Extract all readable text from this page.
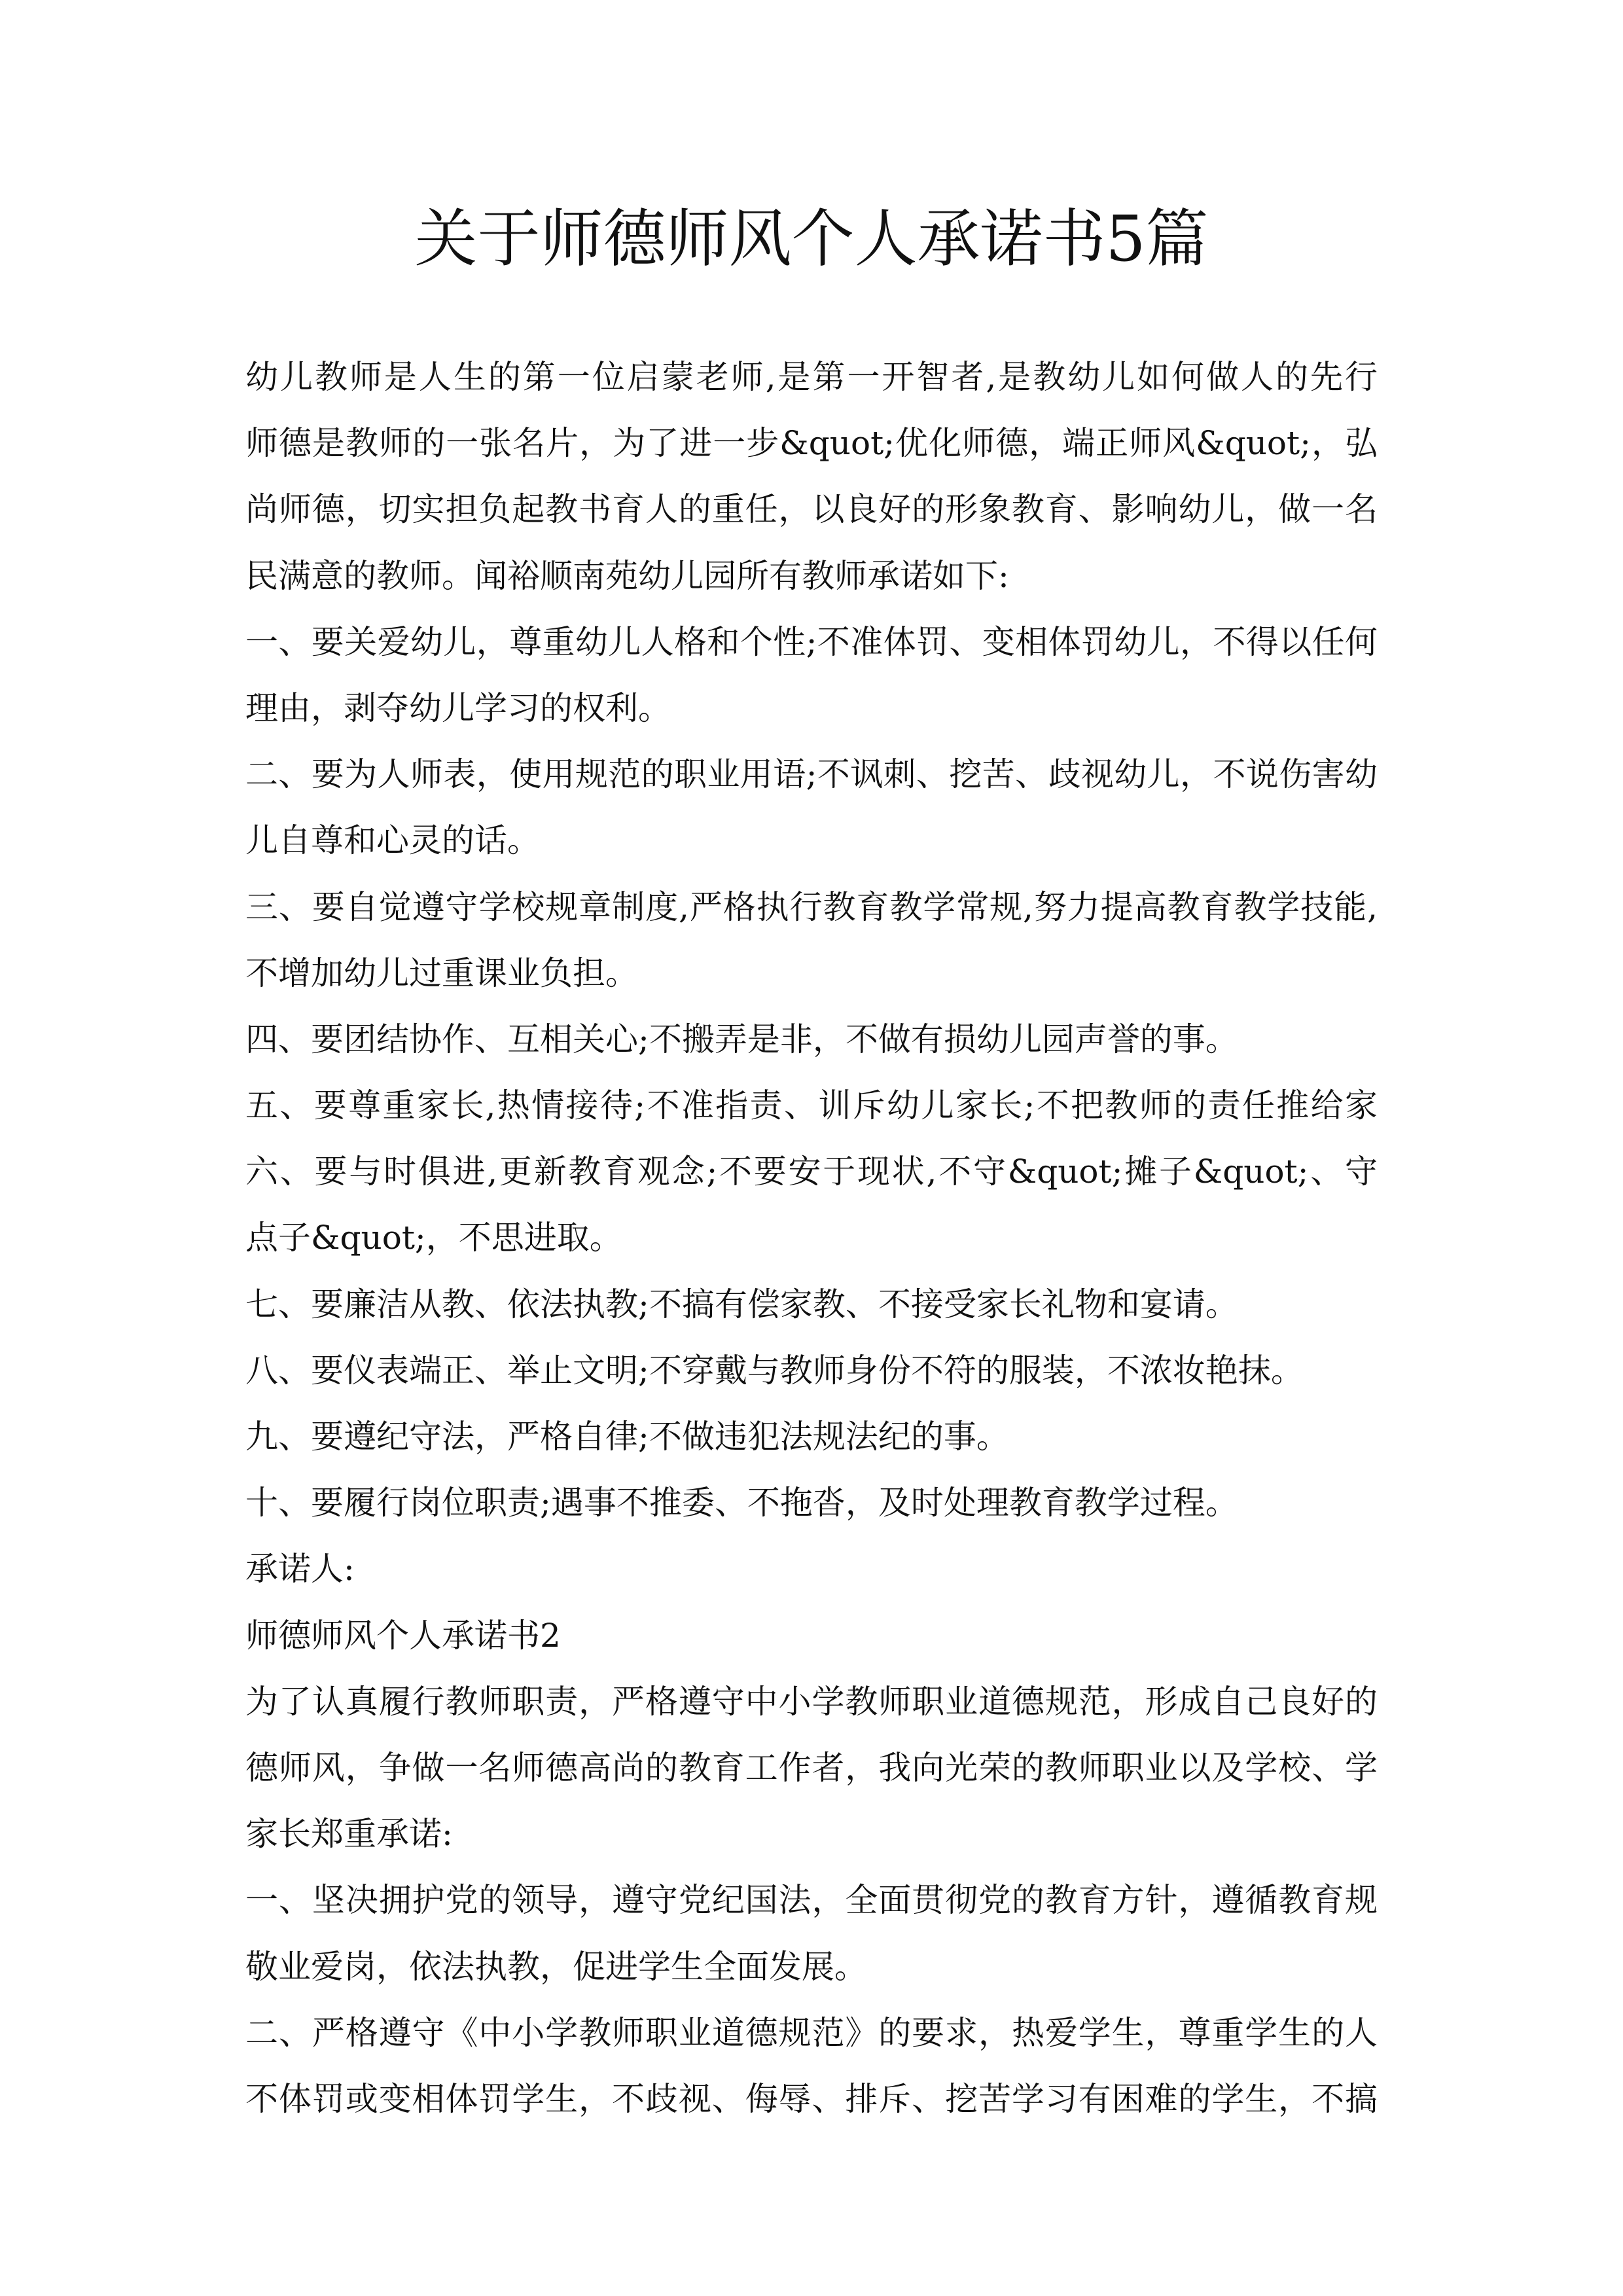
关于师德师风个人承诺书5篇
幼儿教师是人生的第一位启蒙老师,是第一开智者,是教幼儿如何做人的先行
师德是教师的一张名片，为了进一步&quot;优化师德，端正师风&quot;，弘
尚师德，切实担负起教书育人的重任，以良好的形象教育、影响幼儿，做一名
民满意的教师。闻裕顺南苑幼儿园所有教师承诺如下:
一、要关爱幼儿，尊重幼儿人格和个性;不准体罚、变相体罚幼儿，不得以任何
理由，剥夺幼儿学习的权利。
二、要为人师表，使用规范的职业用语;不讽刺、挖苦、歧视幼儿，不说伤害幼
儿自尊和心灵的话。
三、要自觉遵守学校规章制度,严格执行教育教学常规,努力提高教育教学技能,
不增加幼儿过重课业负担。
四、要团结协作、互相关心;不搬弄是非，不做有损幼儿园声誉的事。
五、要尊重家长,热情接待;不准指责、训斥幼儿家长;不把教师的责任推给家
六、要与时俱进,更新教育观念;不要安于现状,不守&quot;摊子&quot;、守
点子&quot;，不思进取。
七、要廉洁从教、依法执教;不搞有偿家教、不接受家长礼物和宴请。
八、要仪表端正、举止文明;不穿戴与教师身份不符的服装，不浓妆艳抹。
九、要遵纪守法，严格自律;不做违犯法规法纪的事。
十、要履行岗位职责;遇事不推委、不拖沓，及时处理教育教学过程。
承诺人:
师德师风个人承诺书2
为了认真履行教师职责，严格遵守中小学教师职业道德规范，形成自己良好的
德师风，争做一名师德高尚的教育工作者，我向光荣的教师职业以及学校、学
家长郑重承诺:
一、坚决拥护党的领导，遵守党纪国法，全面贯彻党的教育方针，遵循教育规
敬业爱岗，依法执教，促进学生全面发展。
二、严格遵守《中小学教师职业道德规范》的要求，热爱学生，尊重学生的人
不体罚或变相体罚学生，不歧视、侮辱、排斥、挖苦学习有困难的学生，不搞
